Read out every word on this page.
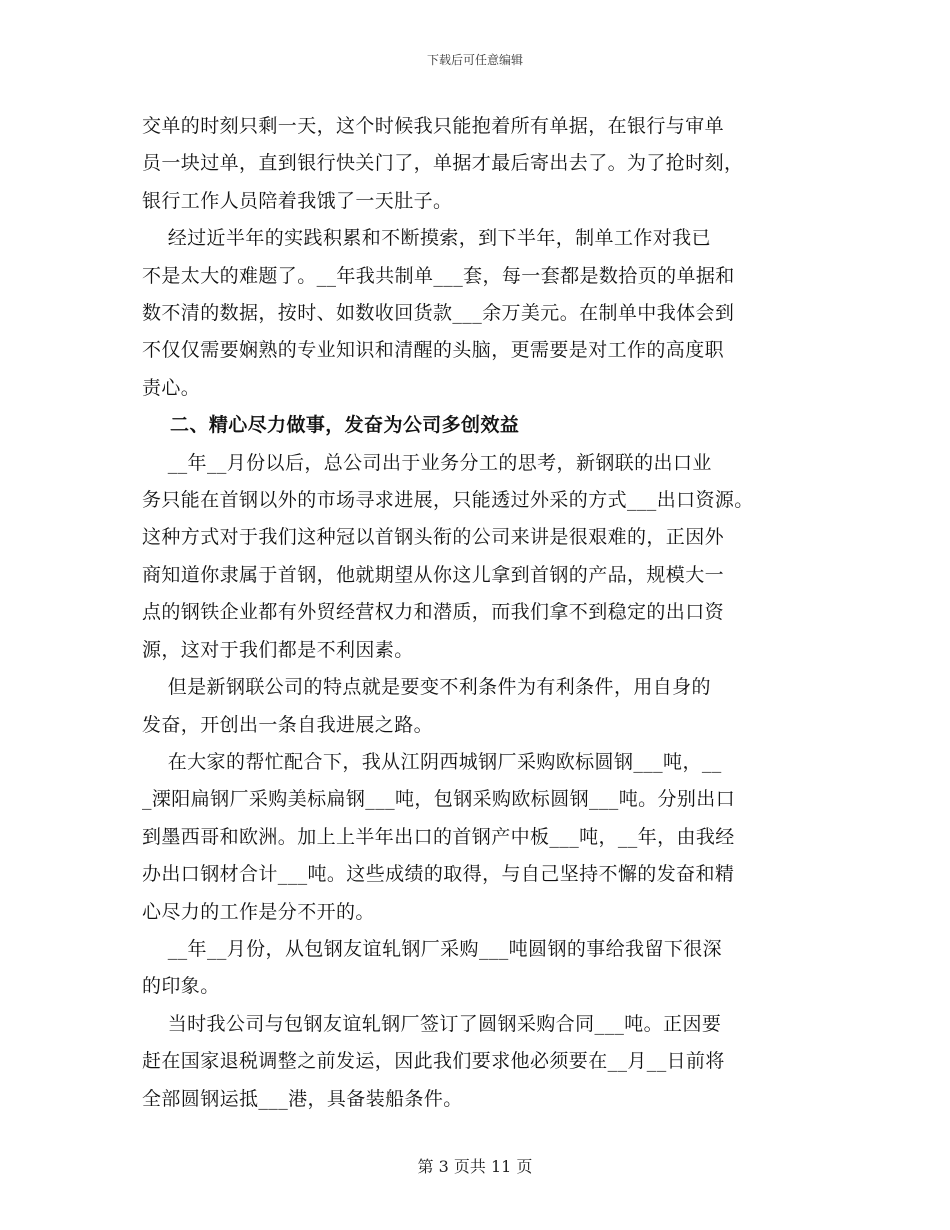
下载后可任意编辑

交单的时刻只剩一天，这个时候我只能抱着所有单据，在银行与审单
员一块过单，直到银行快关门了，单据才最后寄出去了。为了抢时刻，
银行工作人员陪着我饿了一天肚子。

经过近半年的实践积累和不断摸索，到下半年，制单工作对我已
不是太大的难题了。__年我共制单___套，每一套都是数拾页的单据和
数不清的数据，按时、如数收回货款___余万美元。在制单中我体会到
不仅仅需要娴熟的专业知识和清醒的头脑，更需要是对工作的高度职
责心。

二、精心尽力做事，发奋为公司多创效益

__年__月份以后，总公司出于业务分工的思考，新钢联的出口业
务只能在首钢以外的市场寻求进展，只能透过外采的方式___出口资源。
这种方式对于我们这种冠以首钢头衔的公司来讲是很艰难的，正因外
商知道你隶属于首钢，他就期望从你这儿拿到首钢的产品，规模大一
点的钢铁企业都有外贸经营权力和潜质，而我们拿不到稳定的出口资
源，这对于我们都是不利因素。

但是新钢联公司的特点就是要变不利条件为有利条件，用自身的
发奋，开创出一条自我进展之路。

在大家的帮忙配合下，我从江阴西城钢厂采购欧标圆钢___吨，__
_溧阳扁钢厂采购美标扁钢___吨，包钢采购欧标圆钢___吨。分别出口
到墨西哥和欧洲。加上上半年出口的首钢产中板___吨，__年，由我经
办出口钢材合计___吨。这些成绩的取得，与自己坚持不懈的发奋和精
心尽力的工作是分不开的。

__年__月份，从包钢友谊轧钢厂采购___吨圆钢的事给我留下很深
的印象。

当时我公司与包钢友谊轧钢厂签订了圆钢采购合同___吨。正因要
赶在国家退税调整之前发运，因此我们要求他必须要在__月__日前将
全部圆钢运抵___港，具备装船条件。

第 3 页共 11 页
